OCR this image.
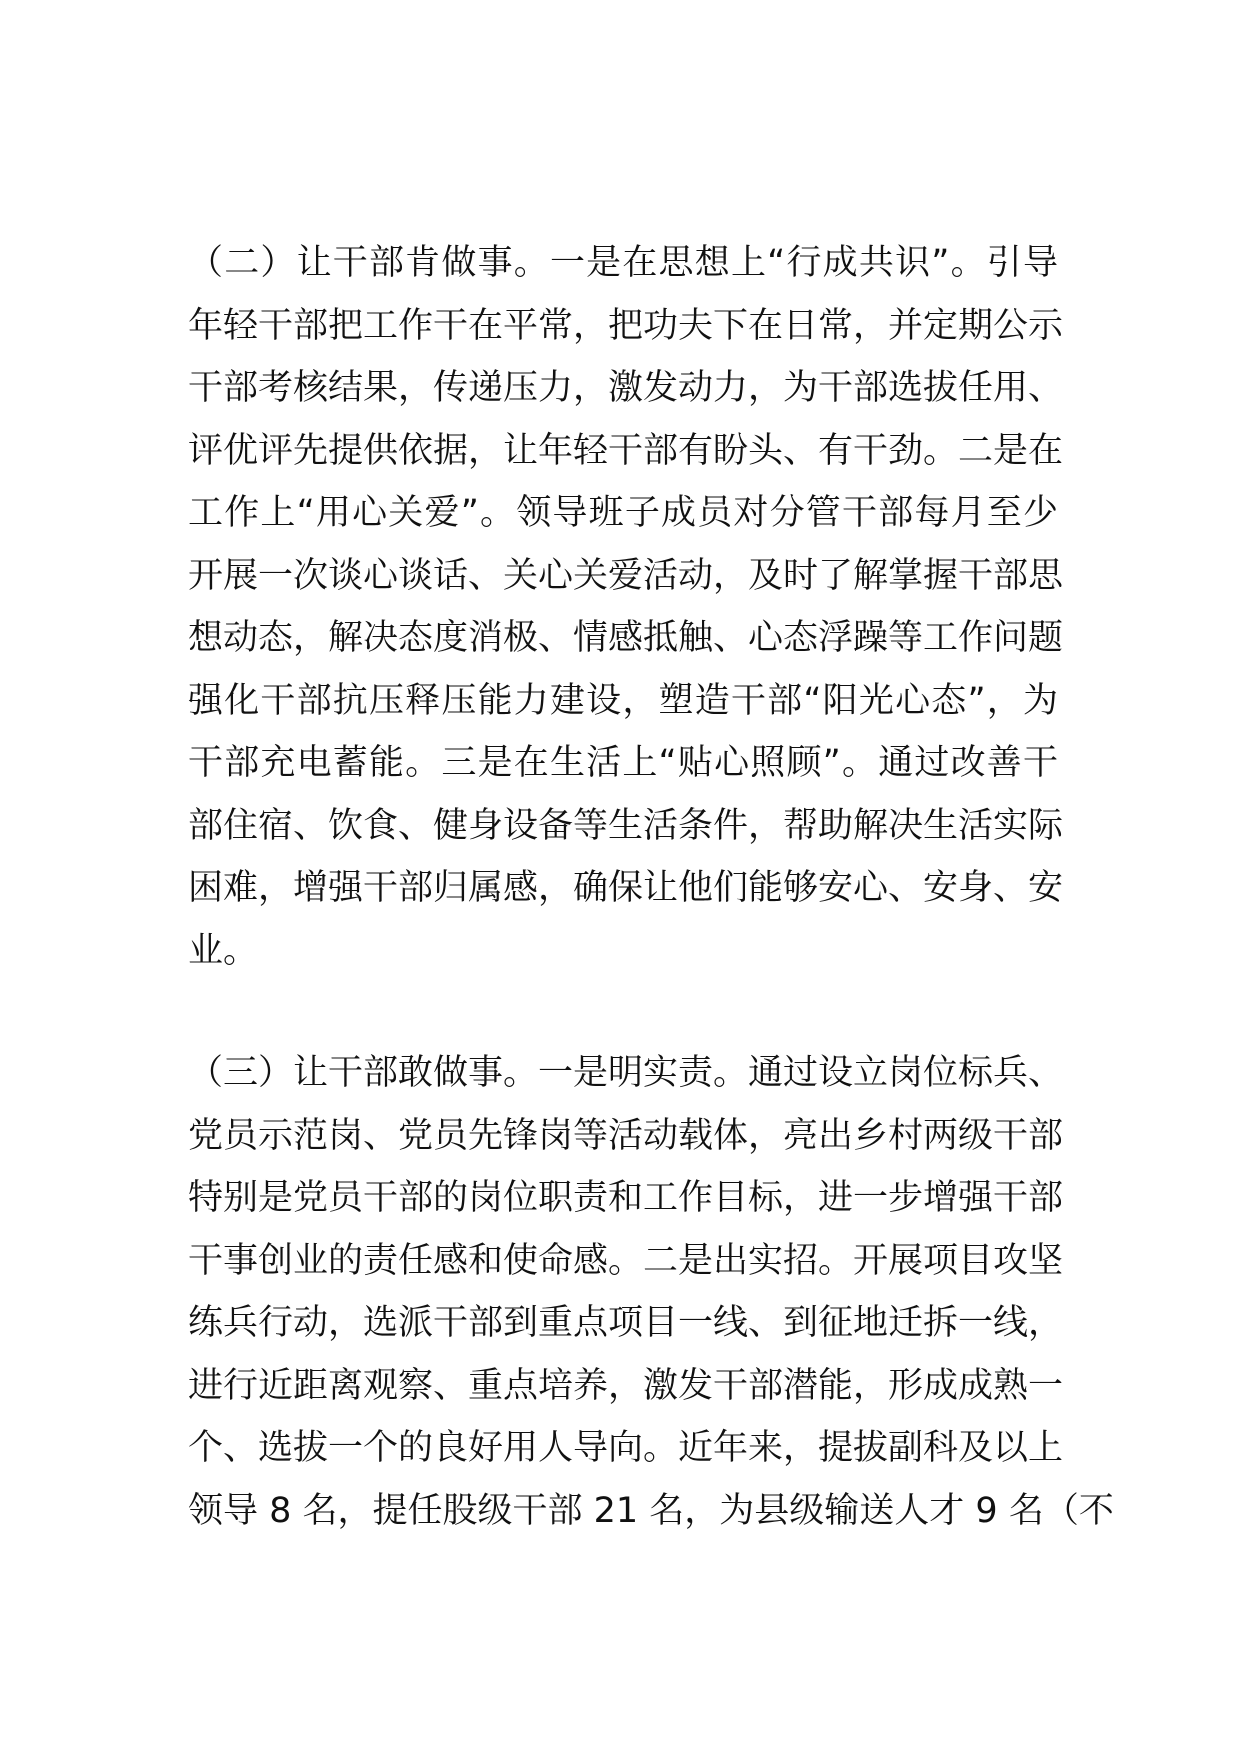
（二）让干部肯做事。一是在思想上“行成共识”。引导
年轻干部把工作干在平常，把功夫下在日常，并定期公示
干部考核结果，传递压力，激发动力，为干部选拔任用、
评优评先提供依据，让年轻干部有盼头、有干劲。二是在
工作上“用心关爱”。领导班子成员对分管干部每月至少
开展一次谈心谈话、关心关爱活动，及时了解掌握干部思
想动态，解决态度消极、情感抵触、心态浮躁等工作问题
强化干部抗压释压能力建设，塑造干部“阳光心态”，为
干部充电蓄能。三是在生活上“贴心照顾”。通过改善干
部住宿、饮食、健身设备等生活条件，帮助解决生活实际
困难，增强干部归属感，确保让他们能够安心、安身、安
业。
（三）让干部敢做事。一是明实责。通过设立岗位标兵、
党员示范岗、党员先锋岗等活动载体，亮出乡村两级干部
特别是党员干部的岗位职责和工作目标，进一步增强干部
干事创业的责任感和使命感。二是出实招。开展项目攻坚
练兵行动，选派干部到重点项目一线、到征地迁拆一线，
进行近距离观察、重点培养，激发干部潜能，形成成熟一
个、选拔一个的良好用人导向。近年来，提拔副科及以上
领导 8 名，提任股级干部 21 名，为县级输送人才 9 名（不
